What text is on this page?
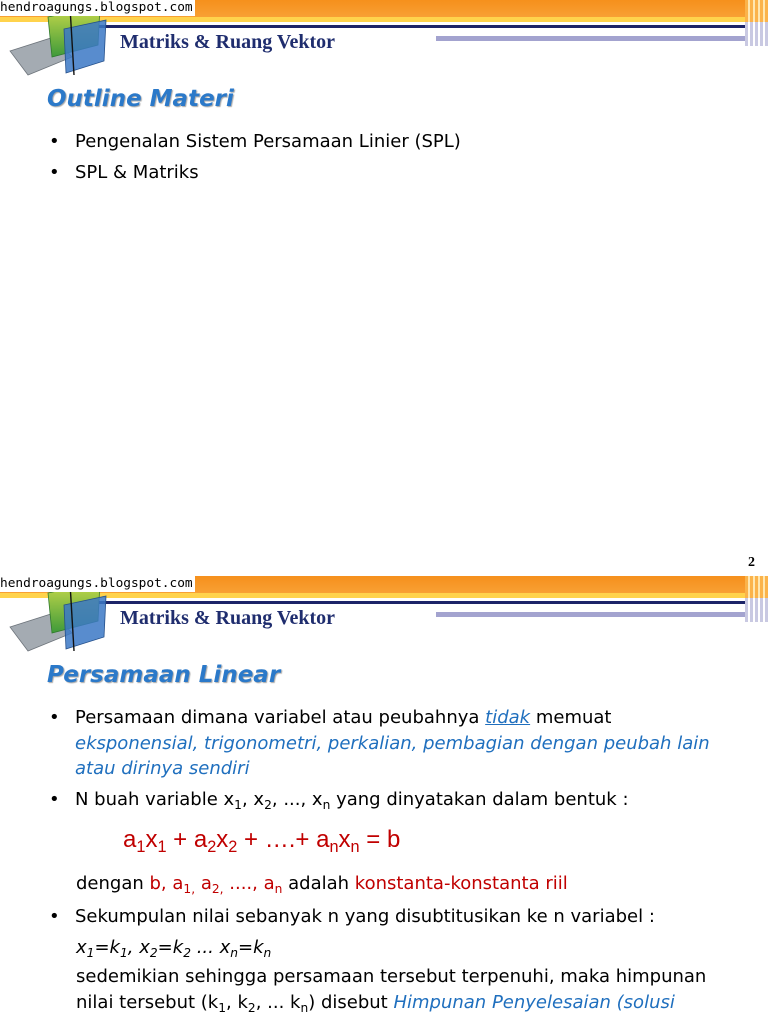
hendroagungs.blogspot.com
Matriks & Ruang Vektor
Outline Materi
• Pengenalan Sistem Persamaan Linier (SPL)
• SPL & Matriks
2
hendroagungs.blogspot.com
Matriks & Ruang Vektor
Persamaan Linear
• Persamaan dimana variabel atau peubahnya tidak memuat
eksponensial, trigonometri, perkalian, pembagian dengan peubah lain
atau dirinya sendiri
• N buah variable $x_1$, $x_2$, ..., $x_n$ yang dinyatakan dalam bentuk :
$a_1x_1 + a_2x_2$ + ….+ $a_nx_n = b$
dengan b, $a_{1,}$ $a_{2,}$ ...., $a_n$ adalah konstanta-konstanta riil
• Sekumpulan nilai sebanyak n yang disubtitusikan ke n variabel :
$x_1=k_1$, $x_2=k_2$ ... $x_n=k_n$
sedemikian sehingga persamaan tersebut terpenuhi, maka himpunan
nilai tersebut ($k_1$, $k_2$, ... $k_n$) disebut Himpunan Penyelesaian (solusi
